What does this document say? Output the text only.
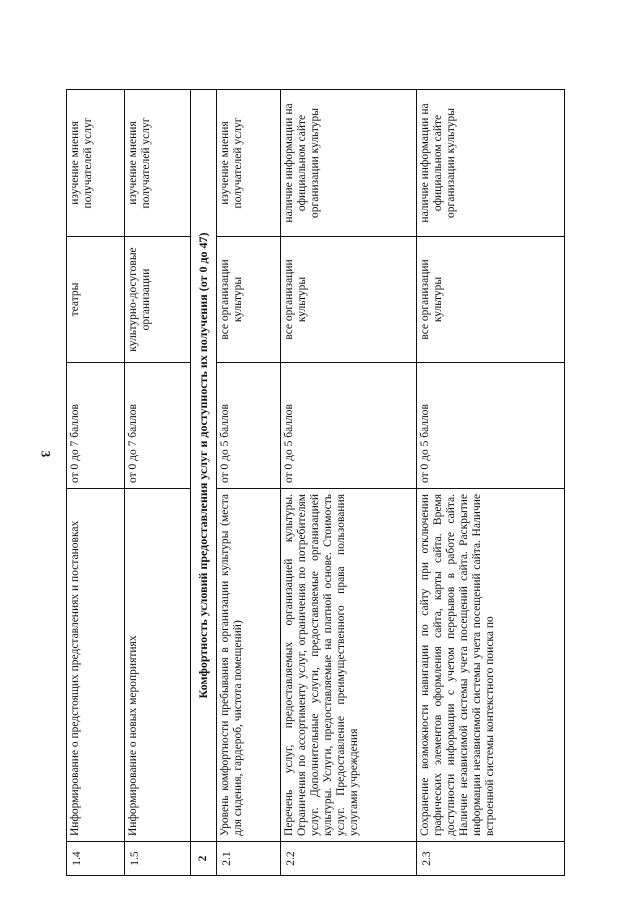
3
1.4	Информирование о предстоящих представлениях и постановках	от 0 до 7 баллов	театры	изучение мнения получателей услуг
1.5	Информирование о новых мероприятиях	от 0 до 7 баллов	культурно-досуговые организации	изучение мнения получателей услуг
2	Комфортность условий предоставления услуг и доступность их получения (от 0 до 47)			
2.1	Уровень комфортности пребывания в организации культуры (места для сидения, гардероб, чистота помещений)	от 0 до 5 баллов	все организации культуры	изучение мнения получателей услуг
2.2	Перечень услуг, предоставляемых организацией культуры. Ограничения по ассортименту услуг, ограничения по потребителям услуг. Дополнительные услуги, предоставляемые организацией культуры. Услуги, предоставляемые на платной основе. Стоимость услуг. Предоставление преимущественного права пользования услугами учреждения	от 0 до 5 баллов	все организации культуры	наличие информации на официальном сайте организации культуры
2.3	Сохранение возможности навигации по сайту при отключении графических элементов оформления сайта, карты сайта. Время доступности информации с учетом перерывов в работе сайта. Наличие независимой системы учета посещений сайта. Раскрытие информации независимой системы учета посещений сайта. Наличие встроенной системы контекстного поиска по	от 0 до 5 баллов	все организации культуры	наличие информации на официальном сайте организации культуры
